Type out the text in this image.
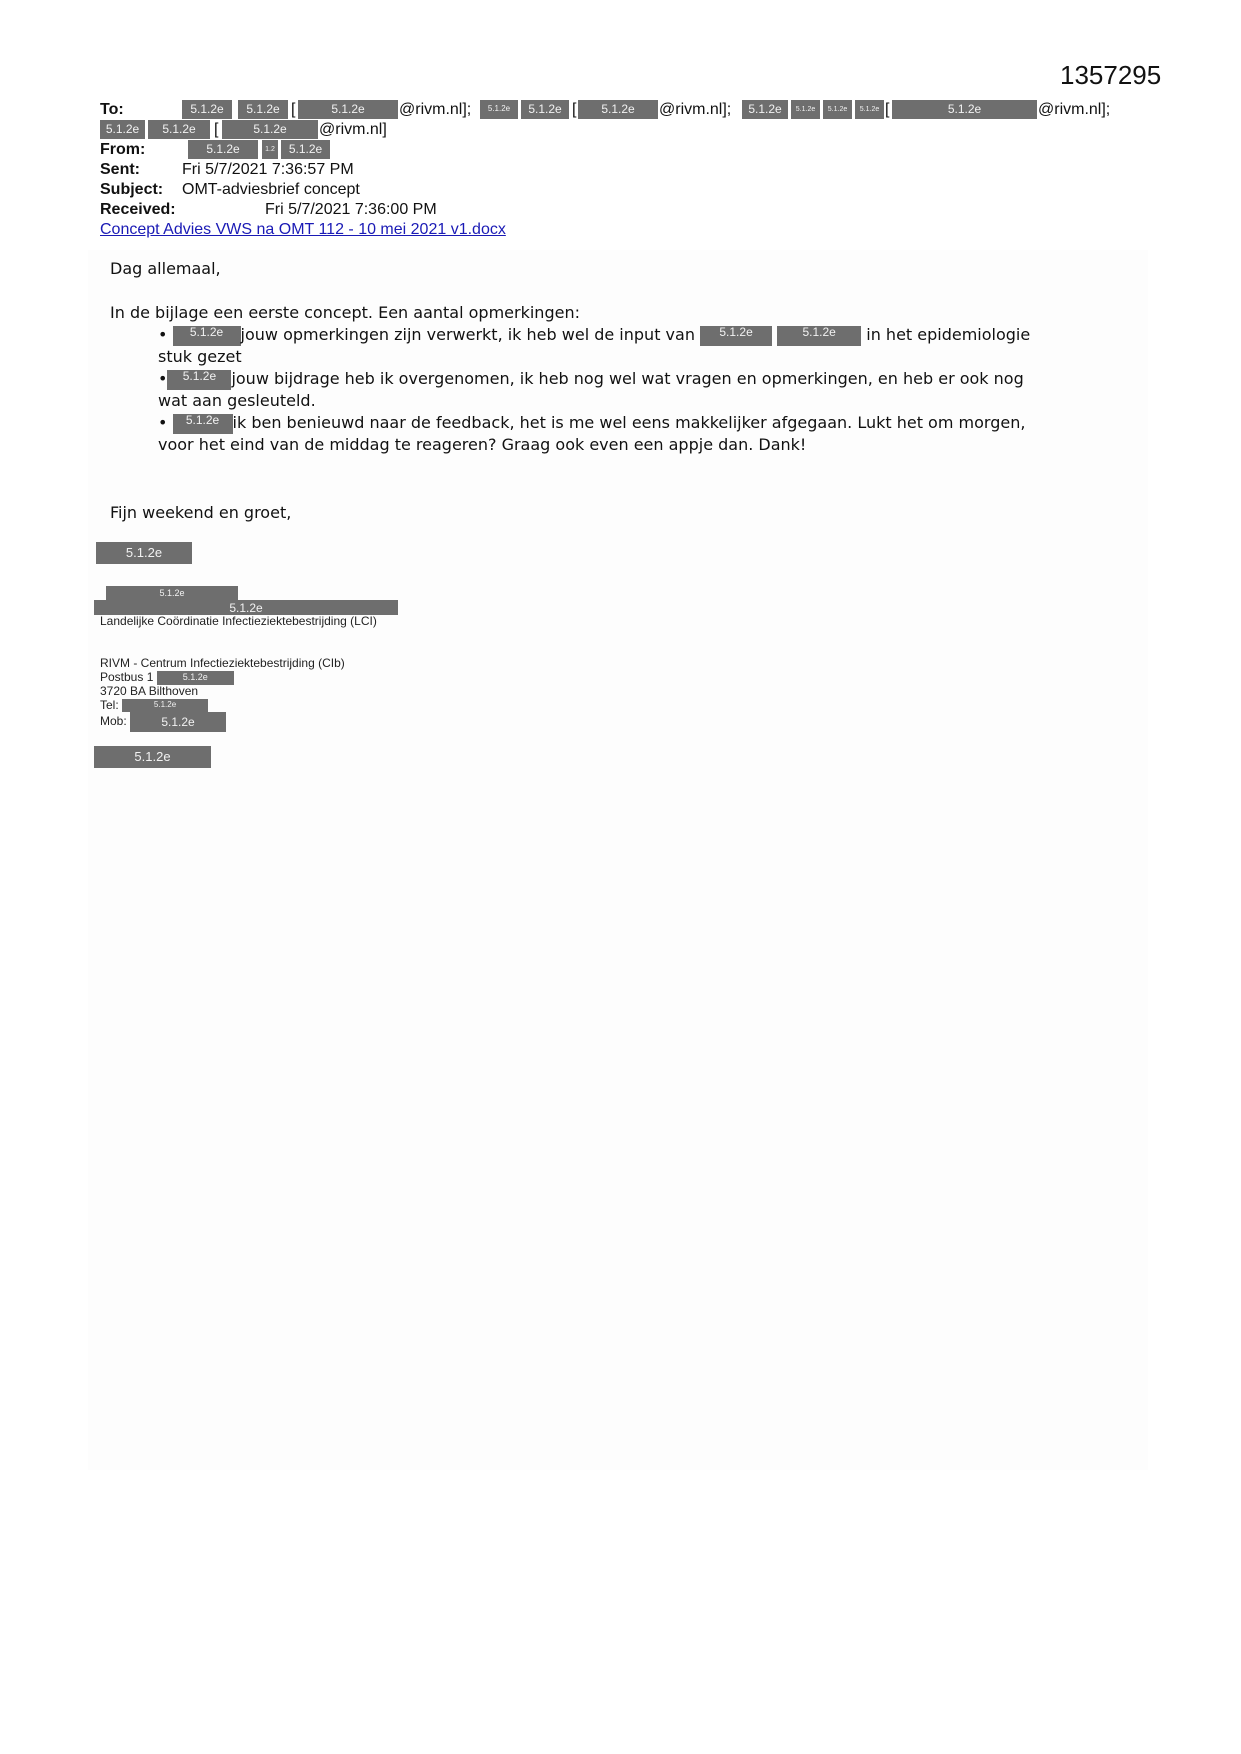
1357295
To:	5.1.2e	5.1.2e [	5.1.2e	@rivm.nl];	5.1.2e	5.1.2e [	5.1.2e	@rivm.nl];	5.1.2e	5.1.2e	5.1.2e	5.1.2e [	5.1.2e	@rivm.nl];
5.1.2e	5.1.2e	[	5.1.2e	@rivm.nl]
From:	5.1.2e	1.2	5.1.2e
Sent:	Fri 5/7/2021 7:36:57 PM
Subject: OMT-adviesbrief concept
Received:	Fri 5/7/2021 7:36:00 PM
Concept Advies VWS na OMT 112 - 10 mei 2021 v1.docx
Dag allemaal,
In de bijlage een eerste concept. Een aantal opmerkingen:
• 5.1.2e jouw opmerkingen zijn verwerkt, ik heb wel de input van 5.1.2e	5.1.2e in het epidemiologie
stuk gezet
• 5.1.2e jouw bijdrage heb ik overgenomen, ik heb nog wel wat vragen en opmerkingen, en heb er ook nog
wat aan gesleuteld.
• 5.1.2e ik ben benieuwd naar de feedback, het is me wel eens makkelijker afgegaan. Lukt het om morgen,
voor het eind van de middag te reageren? Graag ook even een appje dan. Dank!
Fijn weekend en groet,
5.1.2e
5.1.2e
5.1.2e
Landelijke Coördinatie Infectieziektebestrijding (LCI)
RIVM - Centrum Infectieziektebestrijding (CIb)
Postbus 1	5.1.2e
3720 BA Bilthoven
Tel:	5.1.2e
Mob:	5.1.2e
5.1.2e
